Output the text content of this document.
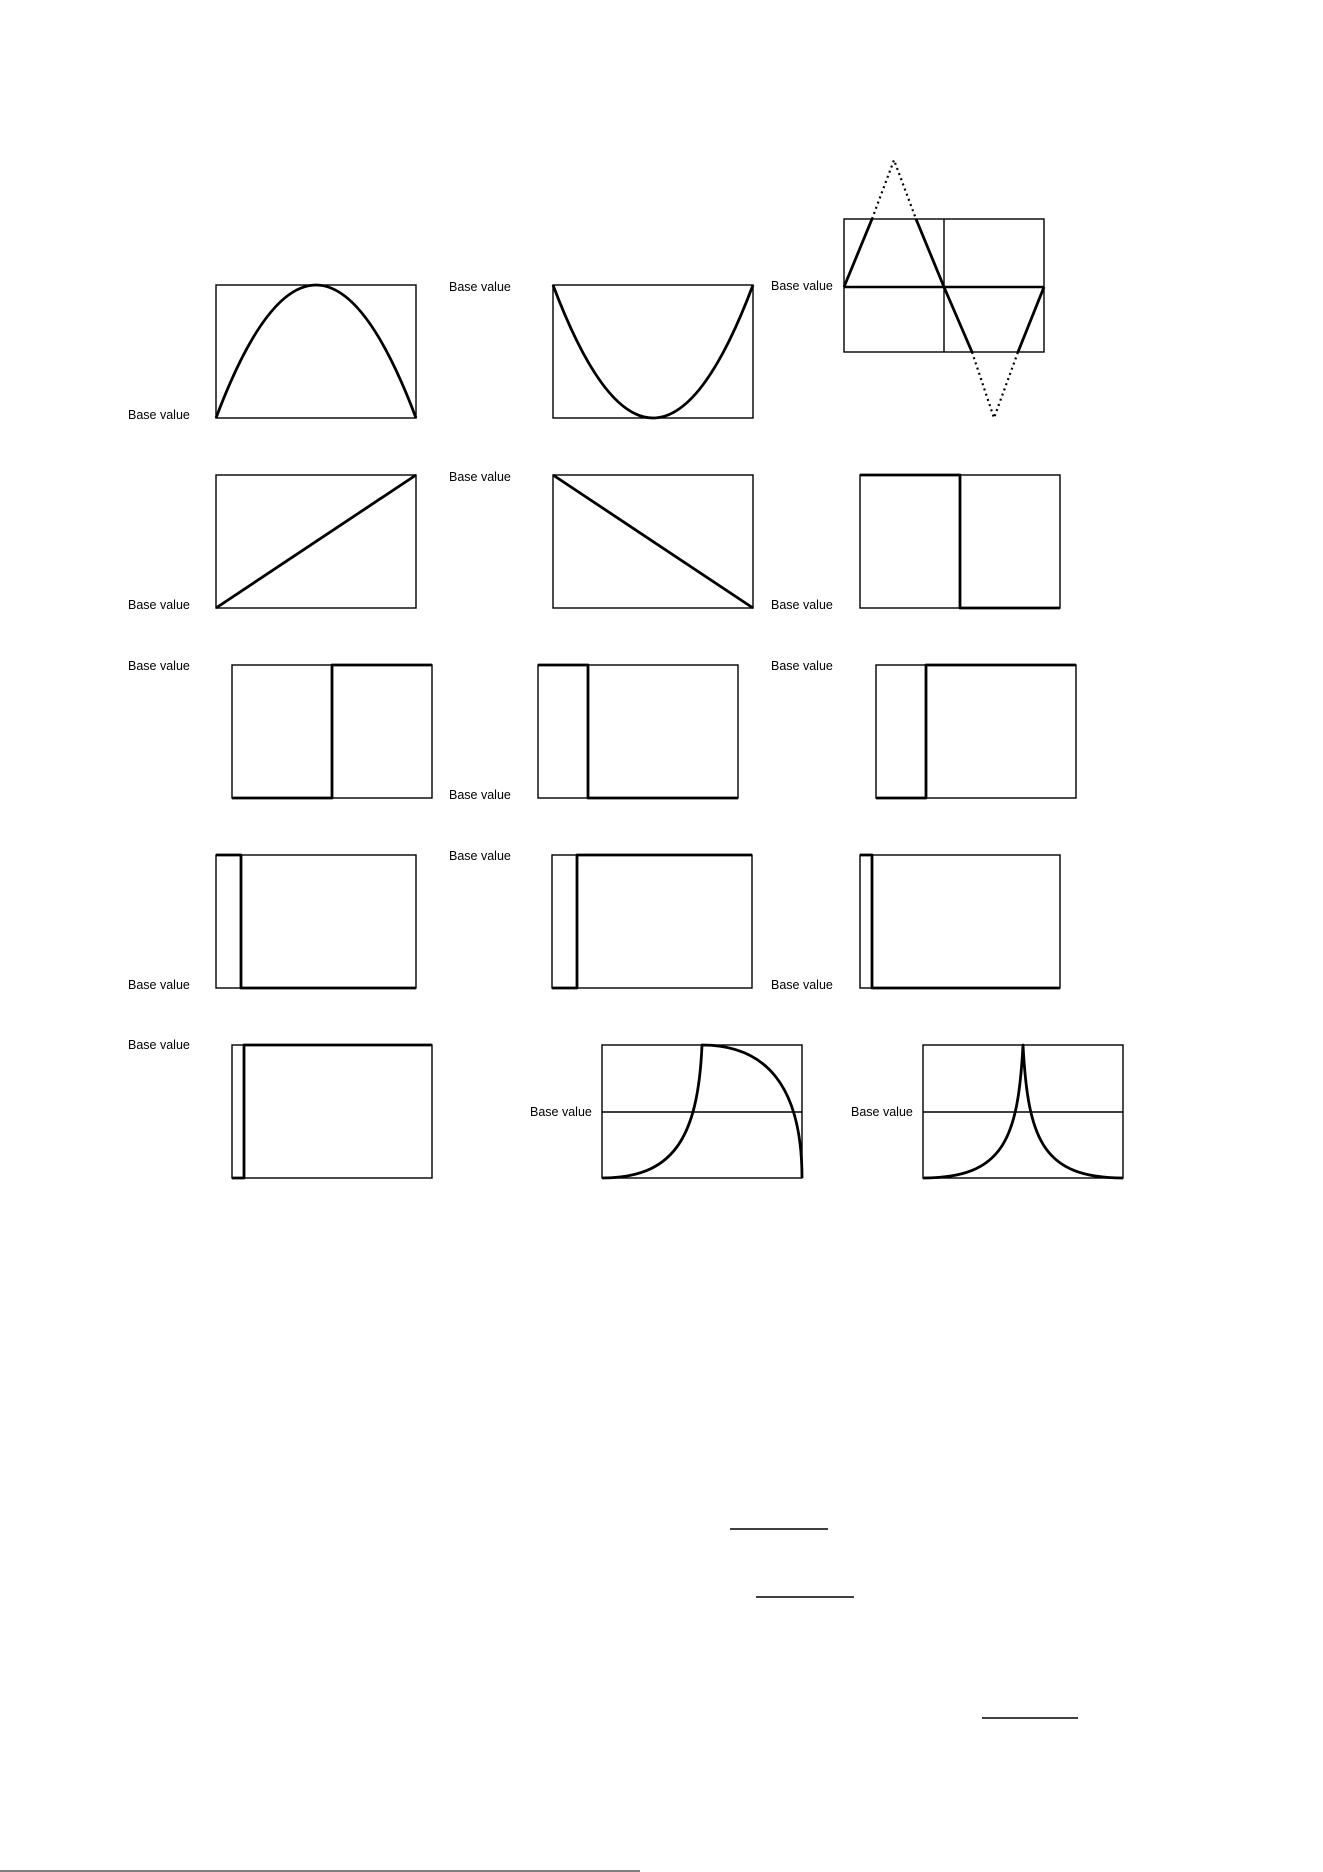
Base value
Base value	Base value
Base value
Base value
Base value
Base value
Base value
Base value
Base value
Base value
Base value
Base value
Base value	Base value
